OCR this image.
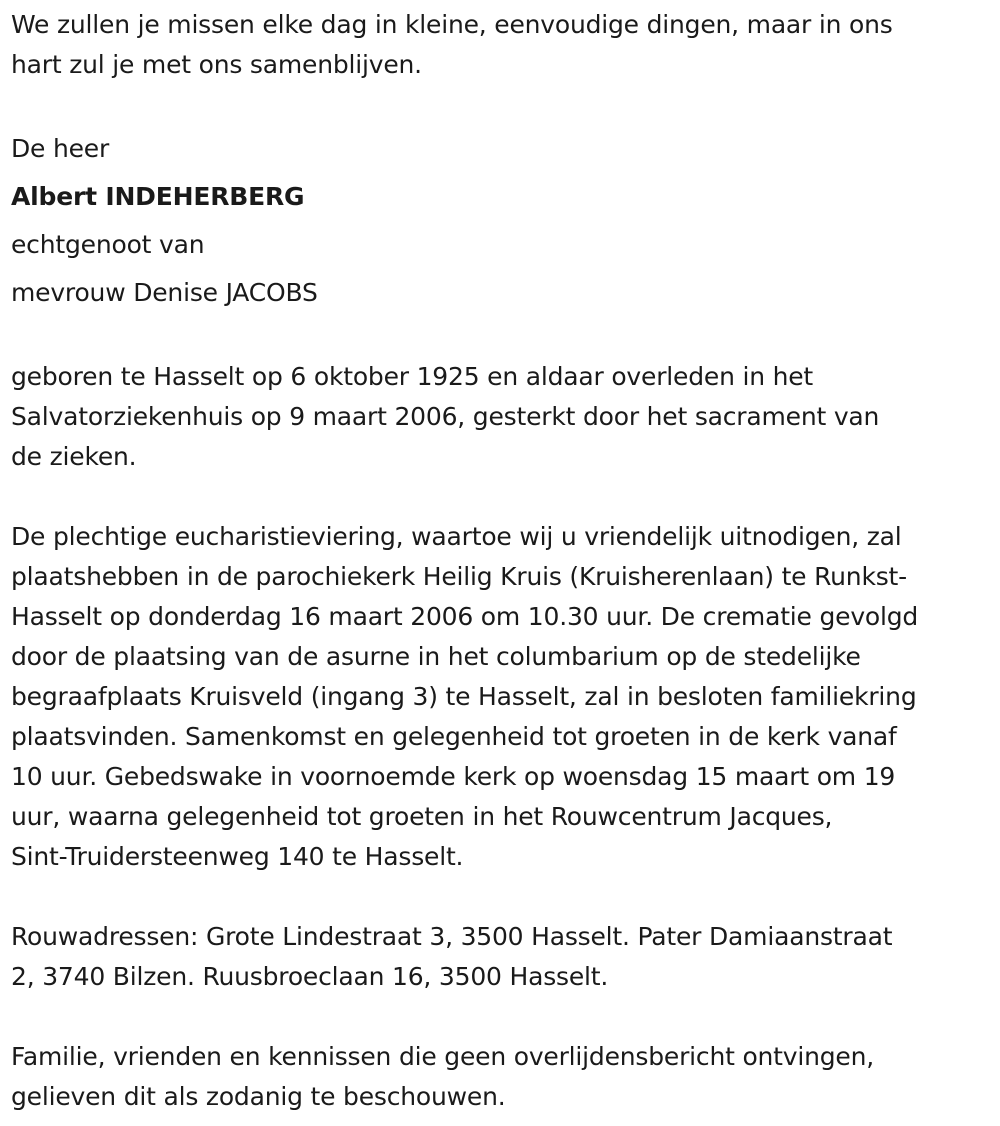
We zullen je missen elke dag in kleine, eenvoudige dingen, maar in ons
hart zul je met ons samenblijven.
De heer
Albert INDEHERBERG
echtgenoot van
mevrouw Denise JACOBS
geboren te Hasselt op 6 oktober 1925 en aldaar overleden in het
Salvatorziekenhuis op 9 maart 2006, gesterkt door het sacrament van
de zieken.
De plechtige eucharistieviering, waartoe wij u vriendelijk uitnodigen, zal
plaatshebben in de parochiekerk Heilig Kruis (Kruisherenlaan) te Runkst-
Hasselt op donderdag 16 maart 2006 om 10.30 uur. De crematie gevolgd
door de plaatsing van de asurne in het columbarium op de stedelijke
begraafplaats Kruisveld (ingang 3) te Hasselt, zal in besloten familiekring
plaatsvinden. Samenkomst en gelegenheid tot groeten in de kerk vanaf
10 uur. Gebedswake in voornoemde kerk op woensdag 15 maart om 19
uur, waarna gelegenheid tot groeten in het Rouwcentrum Jacques,
Sint-Truidersteenweg 140 te Hasselt.
Rouwadressen: Grote Lindestraat 3, 3500 Hasselt. Pater Damiaanstraat
2, 3740 Bilzen. Ruusbroeclaan 16, 3500 Hasselt.
Familie, vrienden en kennissen die geen overlijdensbericht ontvingen,
gelieven dit als zodanig te beschouwen.
